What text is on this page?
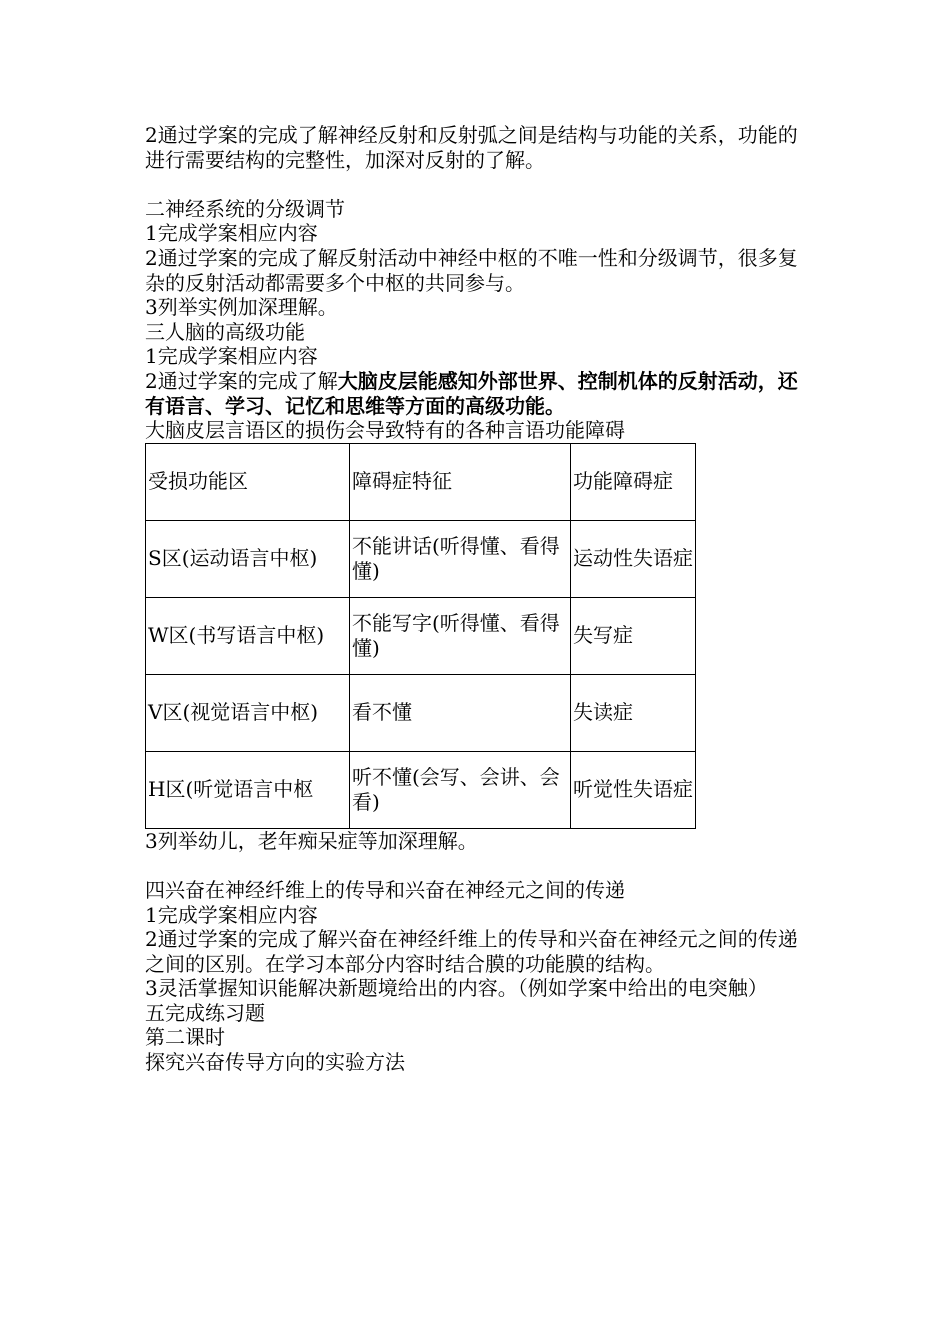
2通过学案的完成了解神经反射和反射弧之间是结构与功能的关系，功能的进行需要结构的完整性，加深对反射的了解。

二神经系统的分级调节

1完成学案相应内容

2通过学案的完成了解反射活动中神经中枢的不唯一性和分级调节，很多复杂的反射活动都需要多个中枢的共同参与。

3列举实例加深理解。

三人脑的高级功能

1完成学案相应内容

2通过学案的完成了解大脑皮层能感知外部世界、控制机体的反射活动，还有语言、学习、记忆和思维等方面的高级功能。

大脑皮层言语区的损伤会导致特有的各种言语功能障碍

受损功能区	障碍症特征	功能障碍症
S区(运动语言中枢)	不能讲话(听得懂、看得懂)	运动性失语症
W区(书写语言中枢)	不能写字(听得懂、看得懂)	失写症
V区(视觉语言中枢)	看不懂	失读症
H区(听觉语言中枢	听不懂(会写、会讲、会看)	听觉性失语症

3列举幼儿，老年痴呆症等加深理解。

四兴奋在神经纤维上的传导和兴奋在神经元之间的传递

1完成学案相应内容

2通过学案的完成了解兴奋在神经纤维上的传导和兴奋在神经元之间的传递之间的区别。在学习本部分内容时结合膜的功能膜的结构。

3灵活掌握知识能解决新题境给出的内容。（例如学案中给出的电突触）

五完成练习题

第二课时

探究兴奋传导方向的实验方法
